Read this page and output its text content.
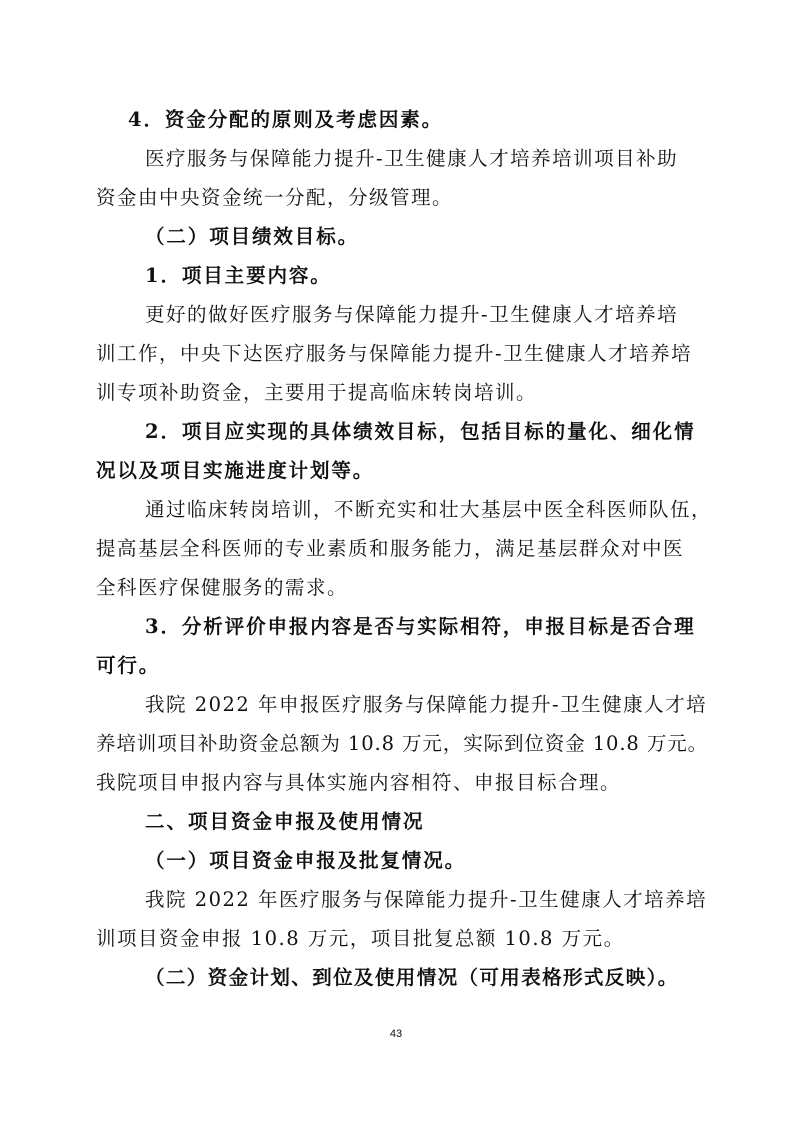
4．资金分配的原则及考虑因素。
医疗服务与保障能力提升-卫生健康人才培养培训项目补助
资金由中央资金统一分配，分级管理。
（二）项目绩效目标。
1．项目主要内容。
更好的做好医疗服务与保障能力提升-卫生健康人才培养培
训工作，中央下达医疗服务与保障能力提升-卫生健康人才培养培
训专项补助资金，主要用于提高临床转岗培训。
2．项目应实现的具体绩效目标，包括目标的量化、细化情
况以及项目实施进度计划等。
通过临床转岗培训，不断充实和壮大基层中医全科医师队伍，
提高基层全科医师的专业素质和服务能力，满足基层群众对中医
全科医疗保健服务的需求。
3．分析评价申报内容是否与实际相符，申报目标是否合理
可行。
我院 2022 年申报医疗服务与保障能力提升-卫生健康人才培
养培训项目补助资金总额为 10.8 万元，实际到位资金 10.8 万元。
我院项目申报内容与具体实施内容相符、申报目标合理。
二、项目资金申报及使用情况
（一）项目资金申报及批复情况。
我院 2022 年医疗服务与保障能力提升-卫生健康人才培养培
训项目资金申报 10.8 万元，项目批复总额 10.8 万元。
（二）资金计划、到位及使用情况（可用表格形式反映）。
43
